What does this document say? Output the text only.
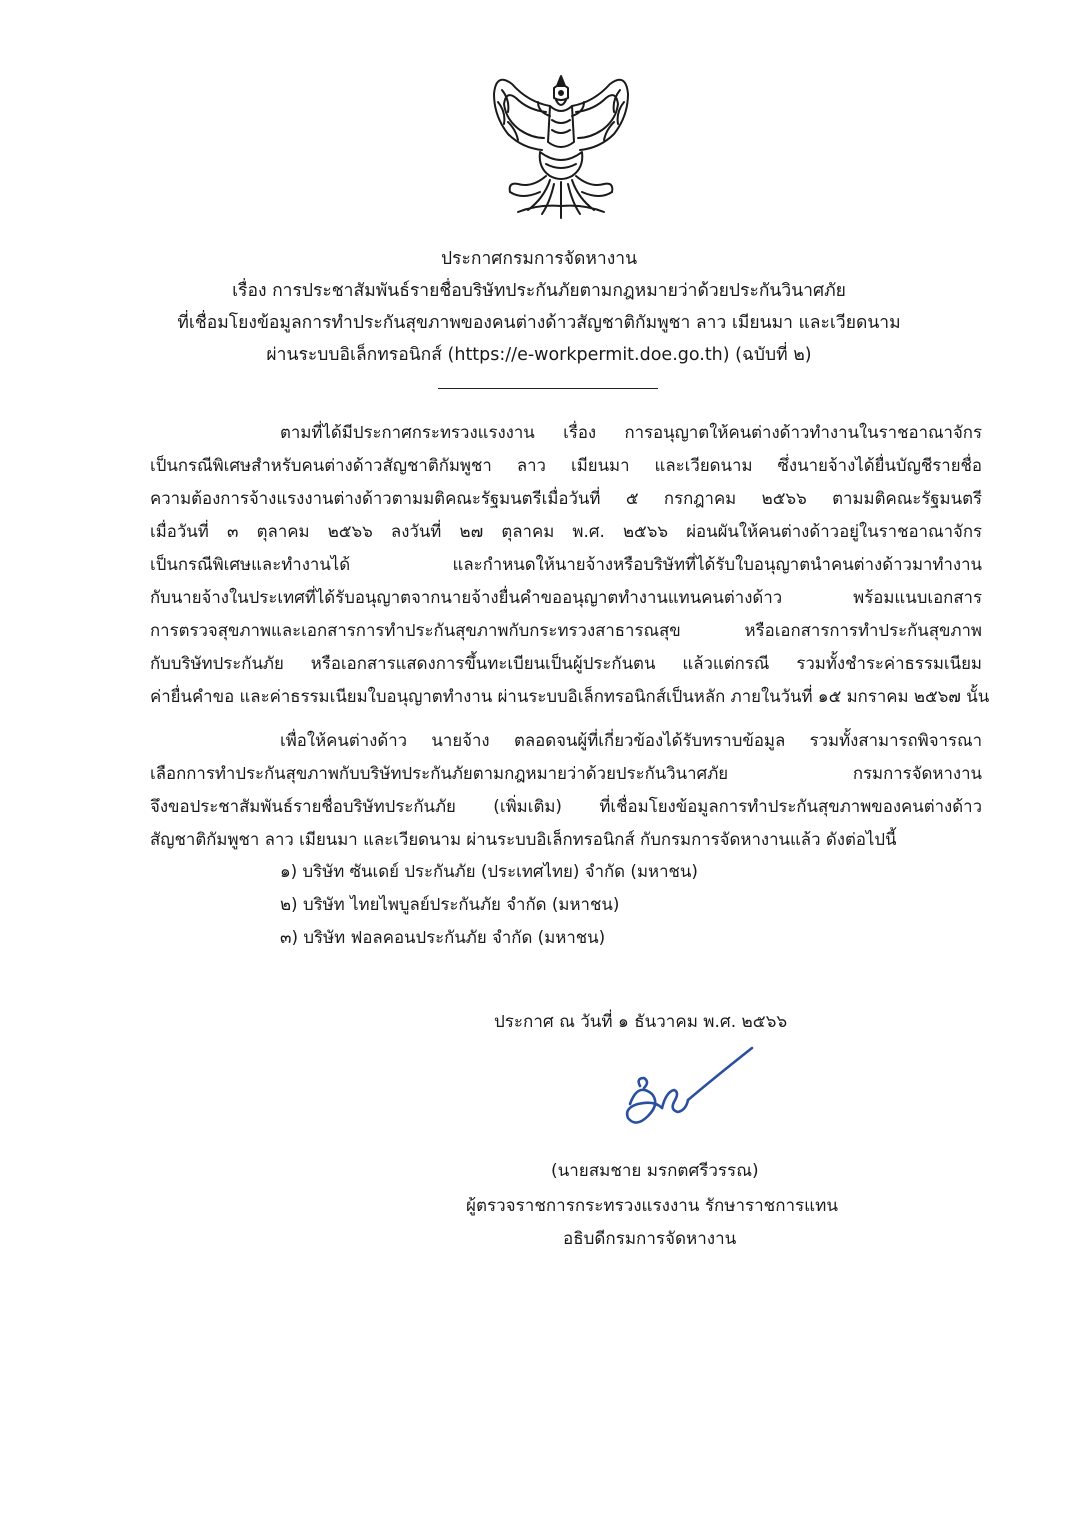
ประกาศกรมการจัดหางาน
เรื่อง การประชาสัมพันธ์รายชื่อบริษัทประกันภัยตามกฎหมายว่าด้วยประกันวินาศภัย
ที่เชื่อมโยงข้อมูลการทำประกันสุขภาพของคนต่างด้าวสัญชาติกัมพูชา ลาว เมียนมา และเวียดนาม
ผ่านระบบอิเล็กทรอนิกส์ (https://e-workpermit.doe.go.th) (ฉบับที่ ๒)
ตามที่ได้มีประกาศกระทรวงแรงงาน เรื่อง การอนุญาตให้คนต่างด้าวทำงานในราชอาณาจักร
เป็นกรณีพิเศษสำหรับคนต่างด้าวสัญชาติกัมพูชา ลาว เมียนมา และเวียดนาม ซึ่งนายจ้างได้ยื่นบัญชีรายชื่อ
ความต้องการจ้างแรงงานต่างด้าวตามมติคณะรัฐมนตรีเมื่อวันที่ ๕ กรกฎาคม ๒๕๖๖ ตามมติคณะรัฐมนตรี
เมื่อวันที่ ๓ ตุลาคม ๒๕๖๖ ลงวันที่ ๒๗ ตุลาคม พ.ศ. ๒๕๖๖ ผ่อนผันให้คนต่างด้าวอยู่ในราชอาณาจักร
เป็นกรณีพิเศษและทำงานได้ และกำหนดให้นายจ้างหรือบริษัทที่ได้รับใบอนุญาตนำคนต่างด้าวมาทำงาน
กับนายจ้างในประเทศที่ได้รับอนุญาตจากนายจ้างยื่นคำขออนุญาตทำงานแทนคนต่างด้าว พร้อมแนบเอกสาร
การตรวจสุขภาพและเอกสารการทำประกันสุขภาพกับกระทรวงสาธารณสุข หรือเอกสารการทำประกันสุขภาพ
กับบริษัทประกันภัย หรือเอกสารแสดงการขึ้นทะเบียนเป็นผู้ประกันตน แล้วแต่กรณี รวมทั้งชำระค่าธรรมเนียม
ค่ายื่นคำขอ และค่าธรรมเนียมใบอนุญาตทำงาน ผ่านระบบอิเล็กทรอนิกส์เป็นหลัก ภายในวันที่ ๑๕ มกราคม ๒๕๖๗ นั้น
เพื่อให้คนต่างด้าว นายจ้าง ตลอดจนผู้ที่เกี่ยวข้องได้รับทราบข้อมูล รวมทั้งสามารถพิจารณา
เลือกการทำประกันสุขภาพกับบริษัทประกันภัยตามกฎหมายว่าด้วยประกันวินาศภัย กรมการจัดหางาน
จึงขอประชาสัมพันธ์รายชื่อบริษัทประกันภัย (เพิ่มเติม) ที่เชื่อมโยงข้อมูลการทำประกันสุขภาพของคนต่างด้าว
สัญชาติกัมพูชา ลาว เมียนมา และเวียดนาม ผ่านระบบอิเล็กทรอนิกส์ กับกรมการจัดหางานแล้ว ดังต่อไปนี้
๑) บริษัท ซันเดย์ ประกันภัย (ประเทศไทย) จำกัด (มหาชน)
๒) บริษัท ไทยไพบูลย์ประกันภัย จำกัด (มหาชน)
๓) บริษัท ฟอลคอนประกันภัย จำกัด (มหาชน)
ประกาศ ณ วันที่ ๑ ธันวาคม พ.ศ. ๒๕๖๖
(นายสมชาย มรกตศรีวรรณ)
ผู้ตรวจราชการกระทรวงแรงงาน รักษาราชการแทน
อธิบดีกรมการจัดหางาน
